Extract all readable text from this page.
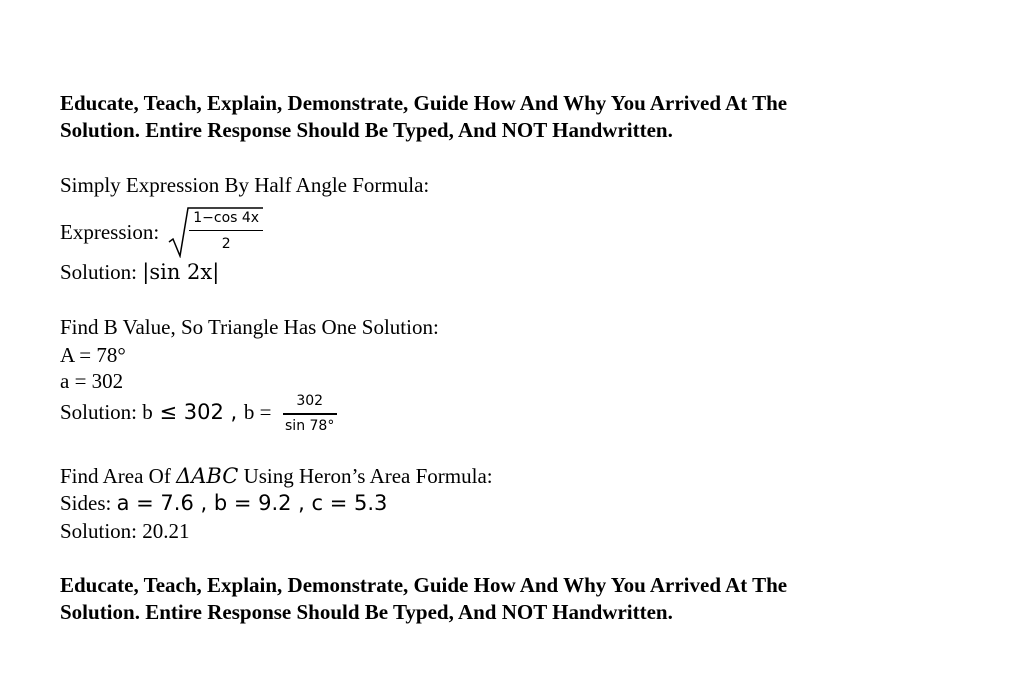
Educate, Teach, Explain, Demonstrate, Guide How And Why You Arrived At The
Solution. Entire Response Should Be Typed, And NOT Handwritten.
Simply Expression By Half Angle Formula:
Expression: $\frac{1-\cos 4x}{2}$
Solution: |sin 2x|
Find B Value, So Triangle Has One Solution:
A = 78°
a = 302
Solution: b ≤ 302 , $b = \frac{302}{\sin 78^\circ}$
Find Area Of ΔABC Using Heron’s Area Formula:
Sides: a = 7.6 , b = 9.2 , c = 5.3
Solution: 20.21
Educate, Teach, Explain, Demonstrate, Guide How And Why You Arrived At The
Solution. Entire Response Should Be Typed, And NOT Handwritten.
